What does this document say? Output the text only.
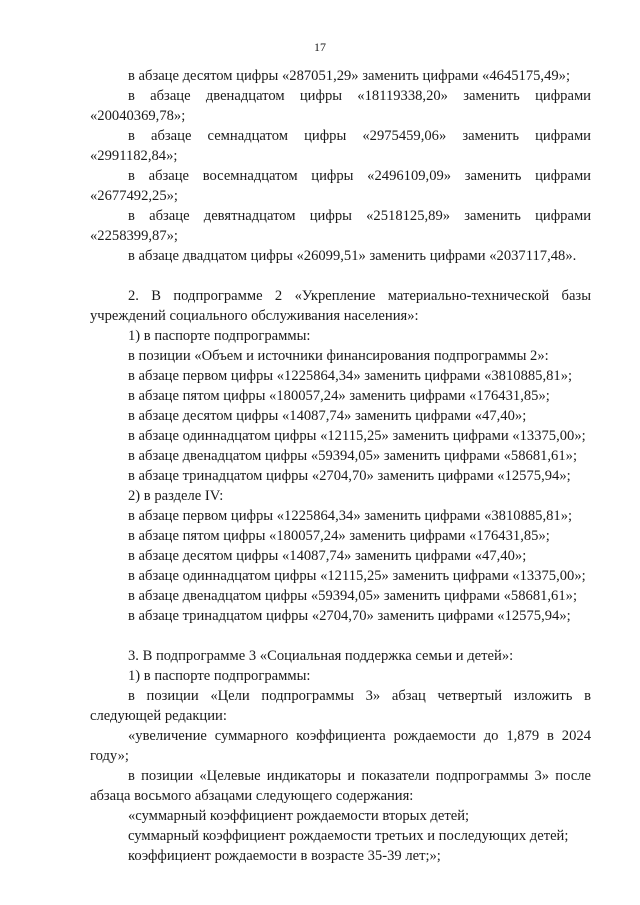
17

в абзаце десятом цифры «287051,29» заменить цифрами «4645175,49»;

в абзаце двенадцатом цифры «18119338,20» заменить цифрами «20040369,78»;

в абзаце семнадцатом цифры «2975459,06» заменить цифрами «2991182,84»;

в абзаце восемнадцатом цифры «2496109,09» заменить цифрами «2677492,25»;

в абзаце девятнадцатом цифры «2518125,89» заменить цифрами «2258399,87»;

в абзаце двадцатом цифры «26099,51» заменить цифрами «2037117,48».

2. В подпрограмме 2 «Укрепление материально-технической базы учреждений социального обслуживания населения»:

1) в паспорте подпрограммы:

в позиции «Объем и источники финансирования подпрограммы 2»:

в абзаце первом цифры «1225864,34» заменить цифрами «3810885,81»;

в абзаце пятом цифры «180057,24» заменить цифрами «176431,85»;

в абзаце десятом цифры «14087,74» заменить цифрами «47,40»;

в абзаце одиннадцатом цифры «12115,25» заменить цифрами «13375,00»;

в абзаце двенадцатом цифры «59394,05» заменить цифрами «58681,61»;

в абзаце тринадцатом цифры «2704,70» заменить цифрами «12575,94»;

2) в разделе IV:

в абзаце первом цифры «1225864,34» заменить цифрами «3810885,81»;

в абзаце пятом цифры «180057,24» заменить цифрами «176431,85»;

в абзаце десятом цифры «14087,74» заменить цифрами «47,40»;

в абзаце одиннадцатом цифры «12115,25» заменить цифрами «13375,00»;

в абзаце двенадцатом цифры «59394,05» заменить цифрами «58681,61»;

в абзаце тринадцатом цифры «2704,70» заменить цифрами «12575,94»;

3. В подпрограмме 3 «Социальная поддержка семьи и детей»:

1) в паспорте подпрограммы:

в позиции «Цели подпрограммы 3» абзац четвертый изложить в следующей редакции:

«увеличение суммарного коэффициента рождаемости до 1,879 в 2024 году»;

в позиции «Целевые индикаторы и показатели подпрограммы 3» после абзаца восьмого абзацами следующего содержания:

«суммарный коэффициент рождаемости вторых детей;

суммарный коэффициент рождаемости третьих и последующих детей;

коэффициент рождаемости в возрасте 35-39 лет;»;
